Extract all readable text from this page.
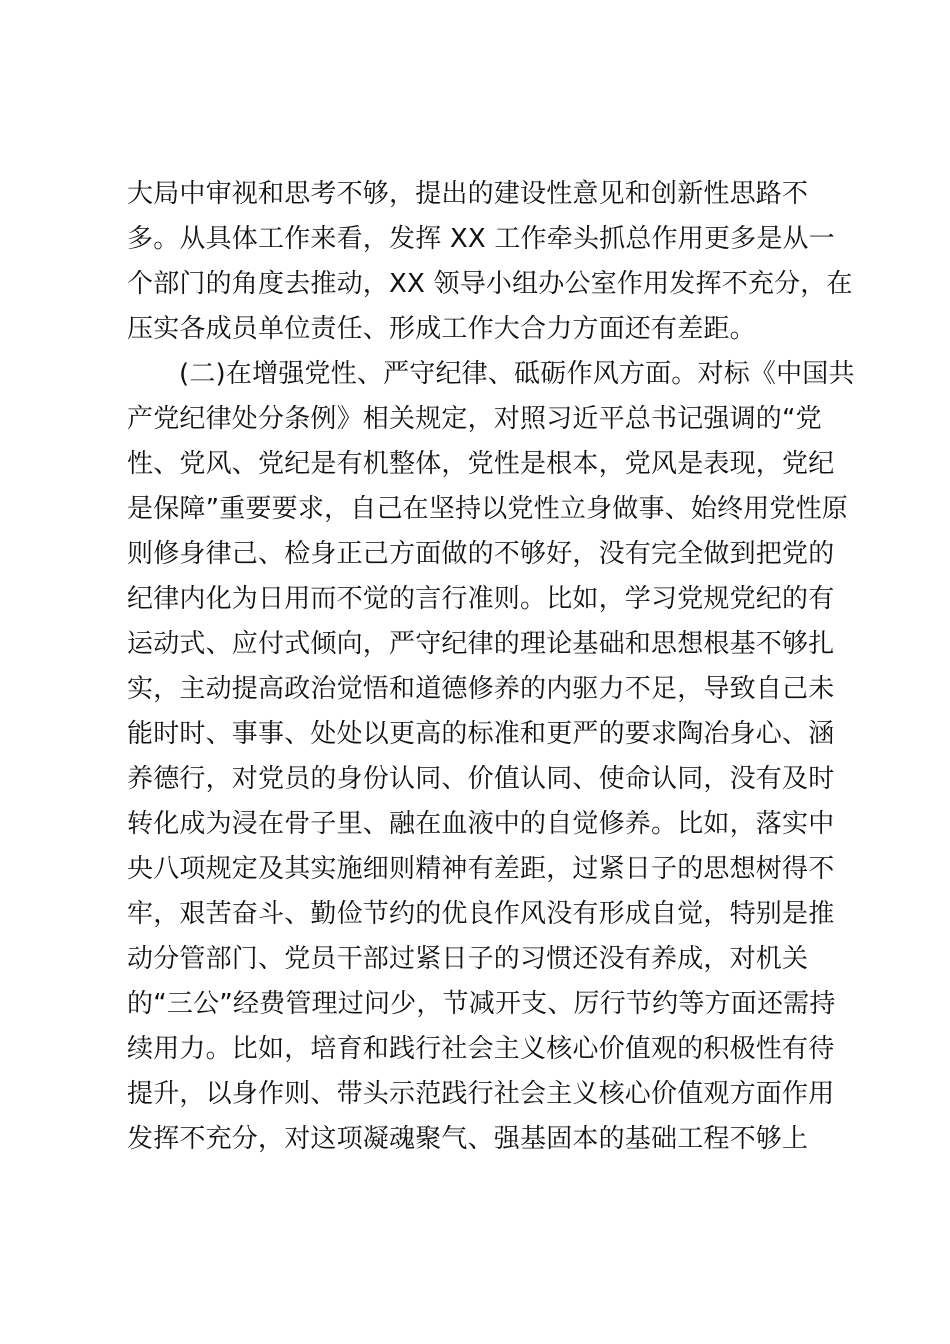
大局中审视和思考不够，提出的建设性意见和创新性思路不
多。从具体工作来看，发挥 XX 工作牵头抓总作用更多是从一
个部门的角度去推动，XX 领导小组办公室作用发挥不充分，在
压实各成员单位责任、形成工作大合力方面还有差距。
(二)在增强党性、严守纪律、砥砺作风方面。对标《中国共
产党纪律处分条例》相关规定，对照习近平总书记强调的“党
性、党风、党纪是有机整体，党性是根本，党风是表现，党纪
是保障”重要要求，自己在坚持以党性立身做事、始终用党性原
则修身律己、检身正己方面做的不够好，没有完全做到把党的
纪律内化为日用而不觉的言行准则。比如，学习党规党纪的有
运动式、应付式倾向，严守纪律的理论基础和思想根基不够扎
实，主动提高政治觉悟和道德修养的内驱力不足，导致自己未
能时时、事事、处处以更高的标准和更严的要求陶冶身心、涵
养德行，对党员的身份认同、价值认同、使命认同，没有及时
转化成为浸在骨子里、融在血液中的自觉修养。比如，落实中
央八项规定及其实施细则精神有差距，过紧日子的思想树得不
牢，艰苦奋斗、勤俭节约的优良作风没有形成自觉，特别是推
动分管部门、党员干部过紧日子的习惯还没有养成，对机关
的“三公”经费管理过问少，节减开支、厉行节约等方面还需持
续用力。比如，培育和践行社会主义核心价值观的积极性有待
提升，以身作则、带头示范践行社会主义核心价值观方面作用
发挥不充分，对这项凝魂聚气、强基固本的基础工程不够上
